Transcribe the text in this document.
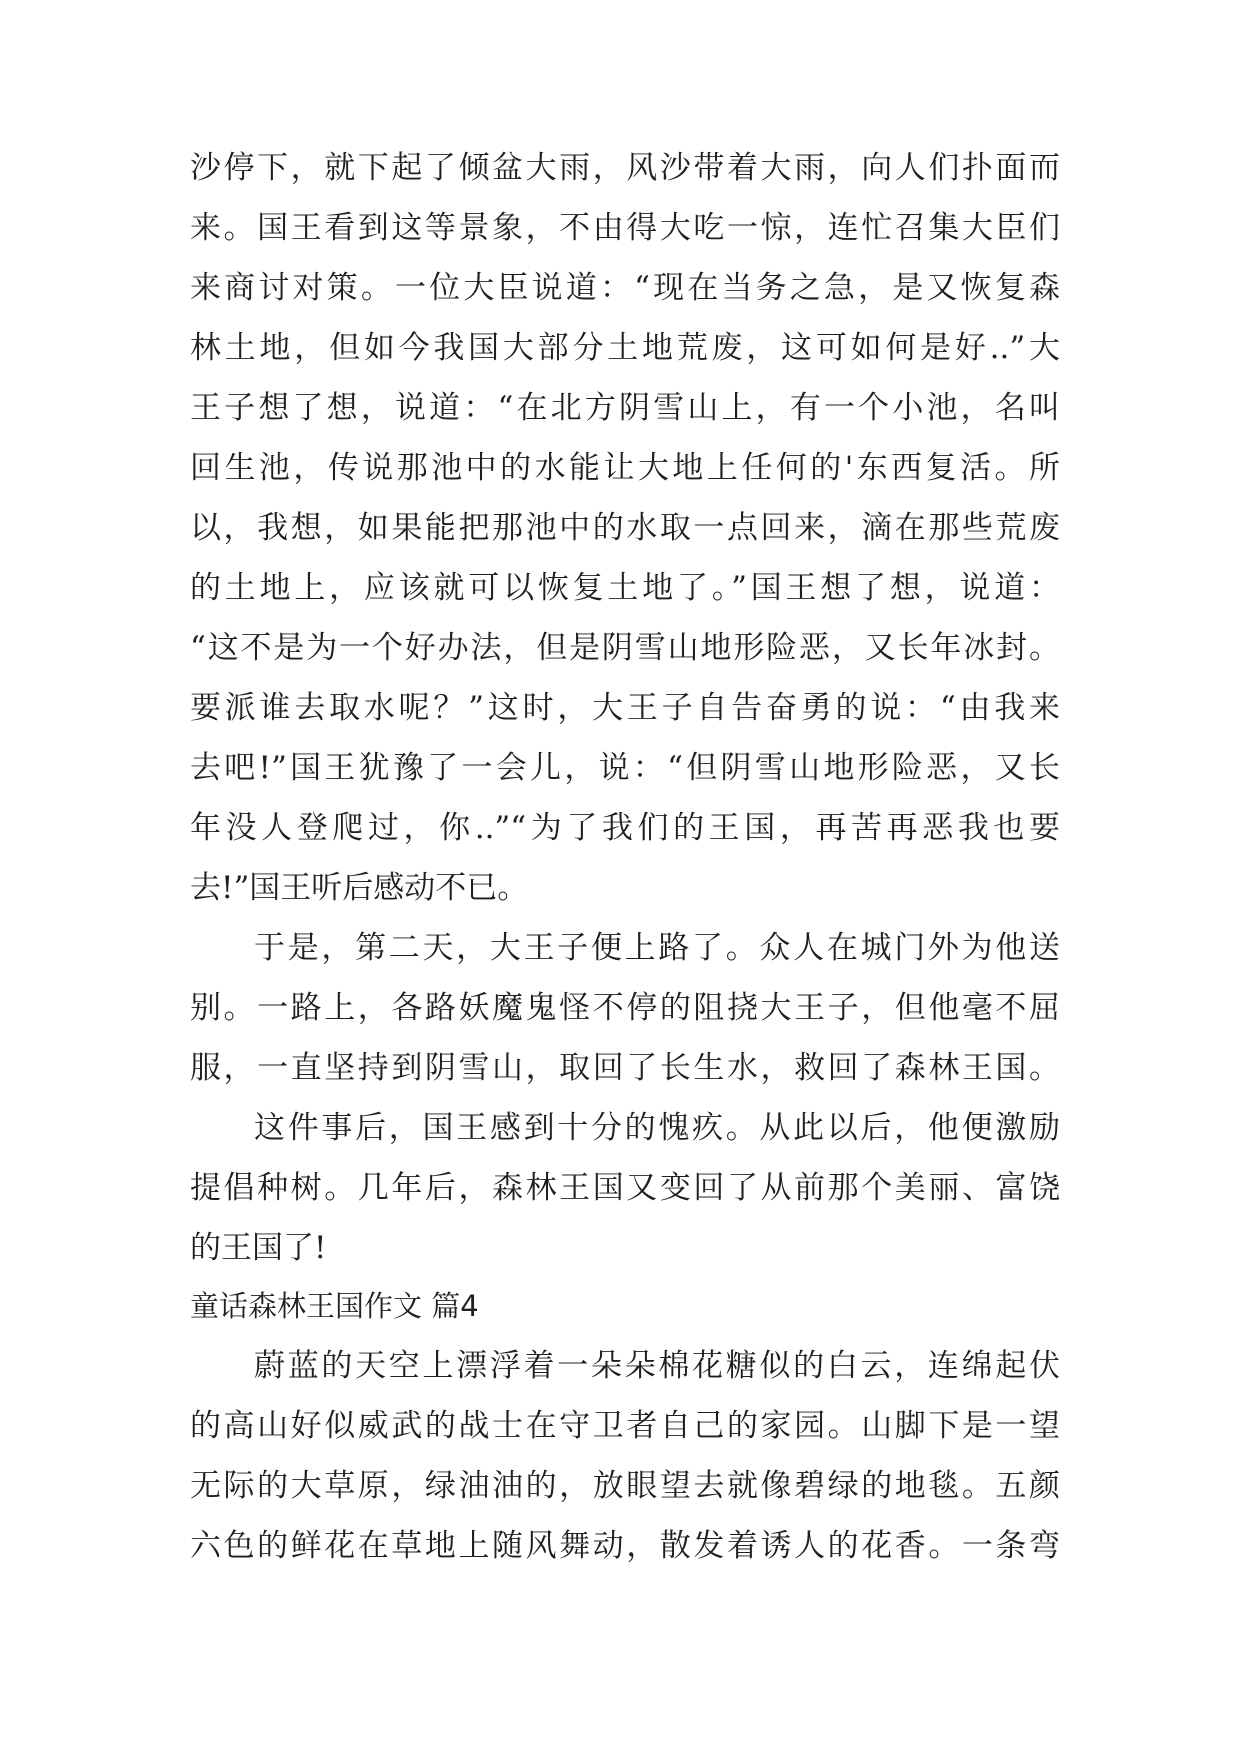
沙停下，就下起了倾盆大雨，风沙带着大雨，向人们扑面而
来。国王看到这等景象，不由得大吃一惊，连忙召集大臣们
来商讨对策。一位大臣说道：“现在当务之急，是又恢复森
林土地，但如今我国大部分土地荒废，这可如何是好..”大
王子想了想，说道：“在北方阴雪山上，有一个小池，名叫
回生池，传说那池中的水能让大地上任何的'东西复活。所
以，我想，如果能把那池中的水取一点回来，滴在那些荒废
的土地上，应该就可以恢复土地了。”国王想了想，说道：
“这不是为一个好办法，但是阴雪山地形险恶，又长年冰封。
要派谁去取水呢？”这时，大王子自告奋勇的说：“由我来
去吧!”国王犹豫了一会儿，说：“但阴雪山地形险恶，又长
年没人登爬过，你..”“为了我们的王国，再苦再恶我也要
去!”国王听后感动不已。
于是，第二天，大王子便上路了。众人在城门外为他送
别。一路上，各路妖魔鬼怪不停的阻挠大王子，但他毫不屈
服，一直坚持到阴雪山，取回了长生水，救回了森林王国。
这件事后，国王感到十分的愧疚。从此以后，他便激励
提倡种树。几年后，森林王国又变回了从前那个美丽、富饶
的王国了!
童话森林王国作文 篇4
蔚蓝的天空上漂浮着一朵朵棉花糖似的白云，连绵起伏
的高山好似威武的战士在守卫者自己的家园。山脚下是一望
无际的大草原，绿油油的，放眼望去就像碧绿的地毯。五颜
六色的鲜花在草地上随风舞动，散发着诱人的花香。一条弯
